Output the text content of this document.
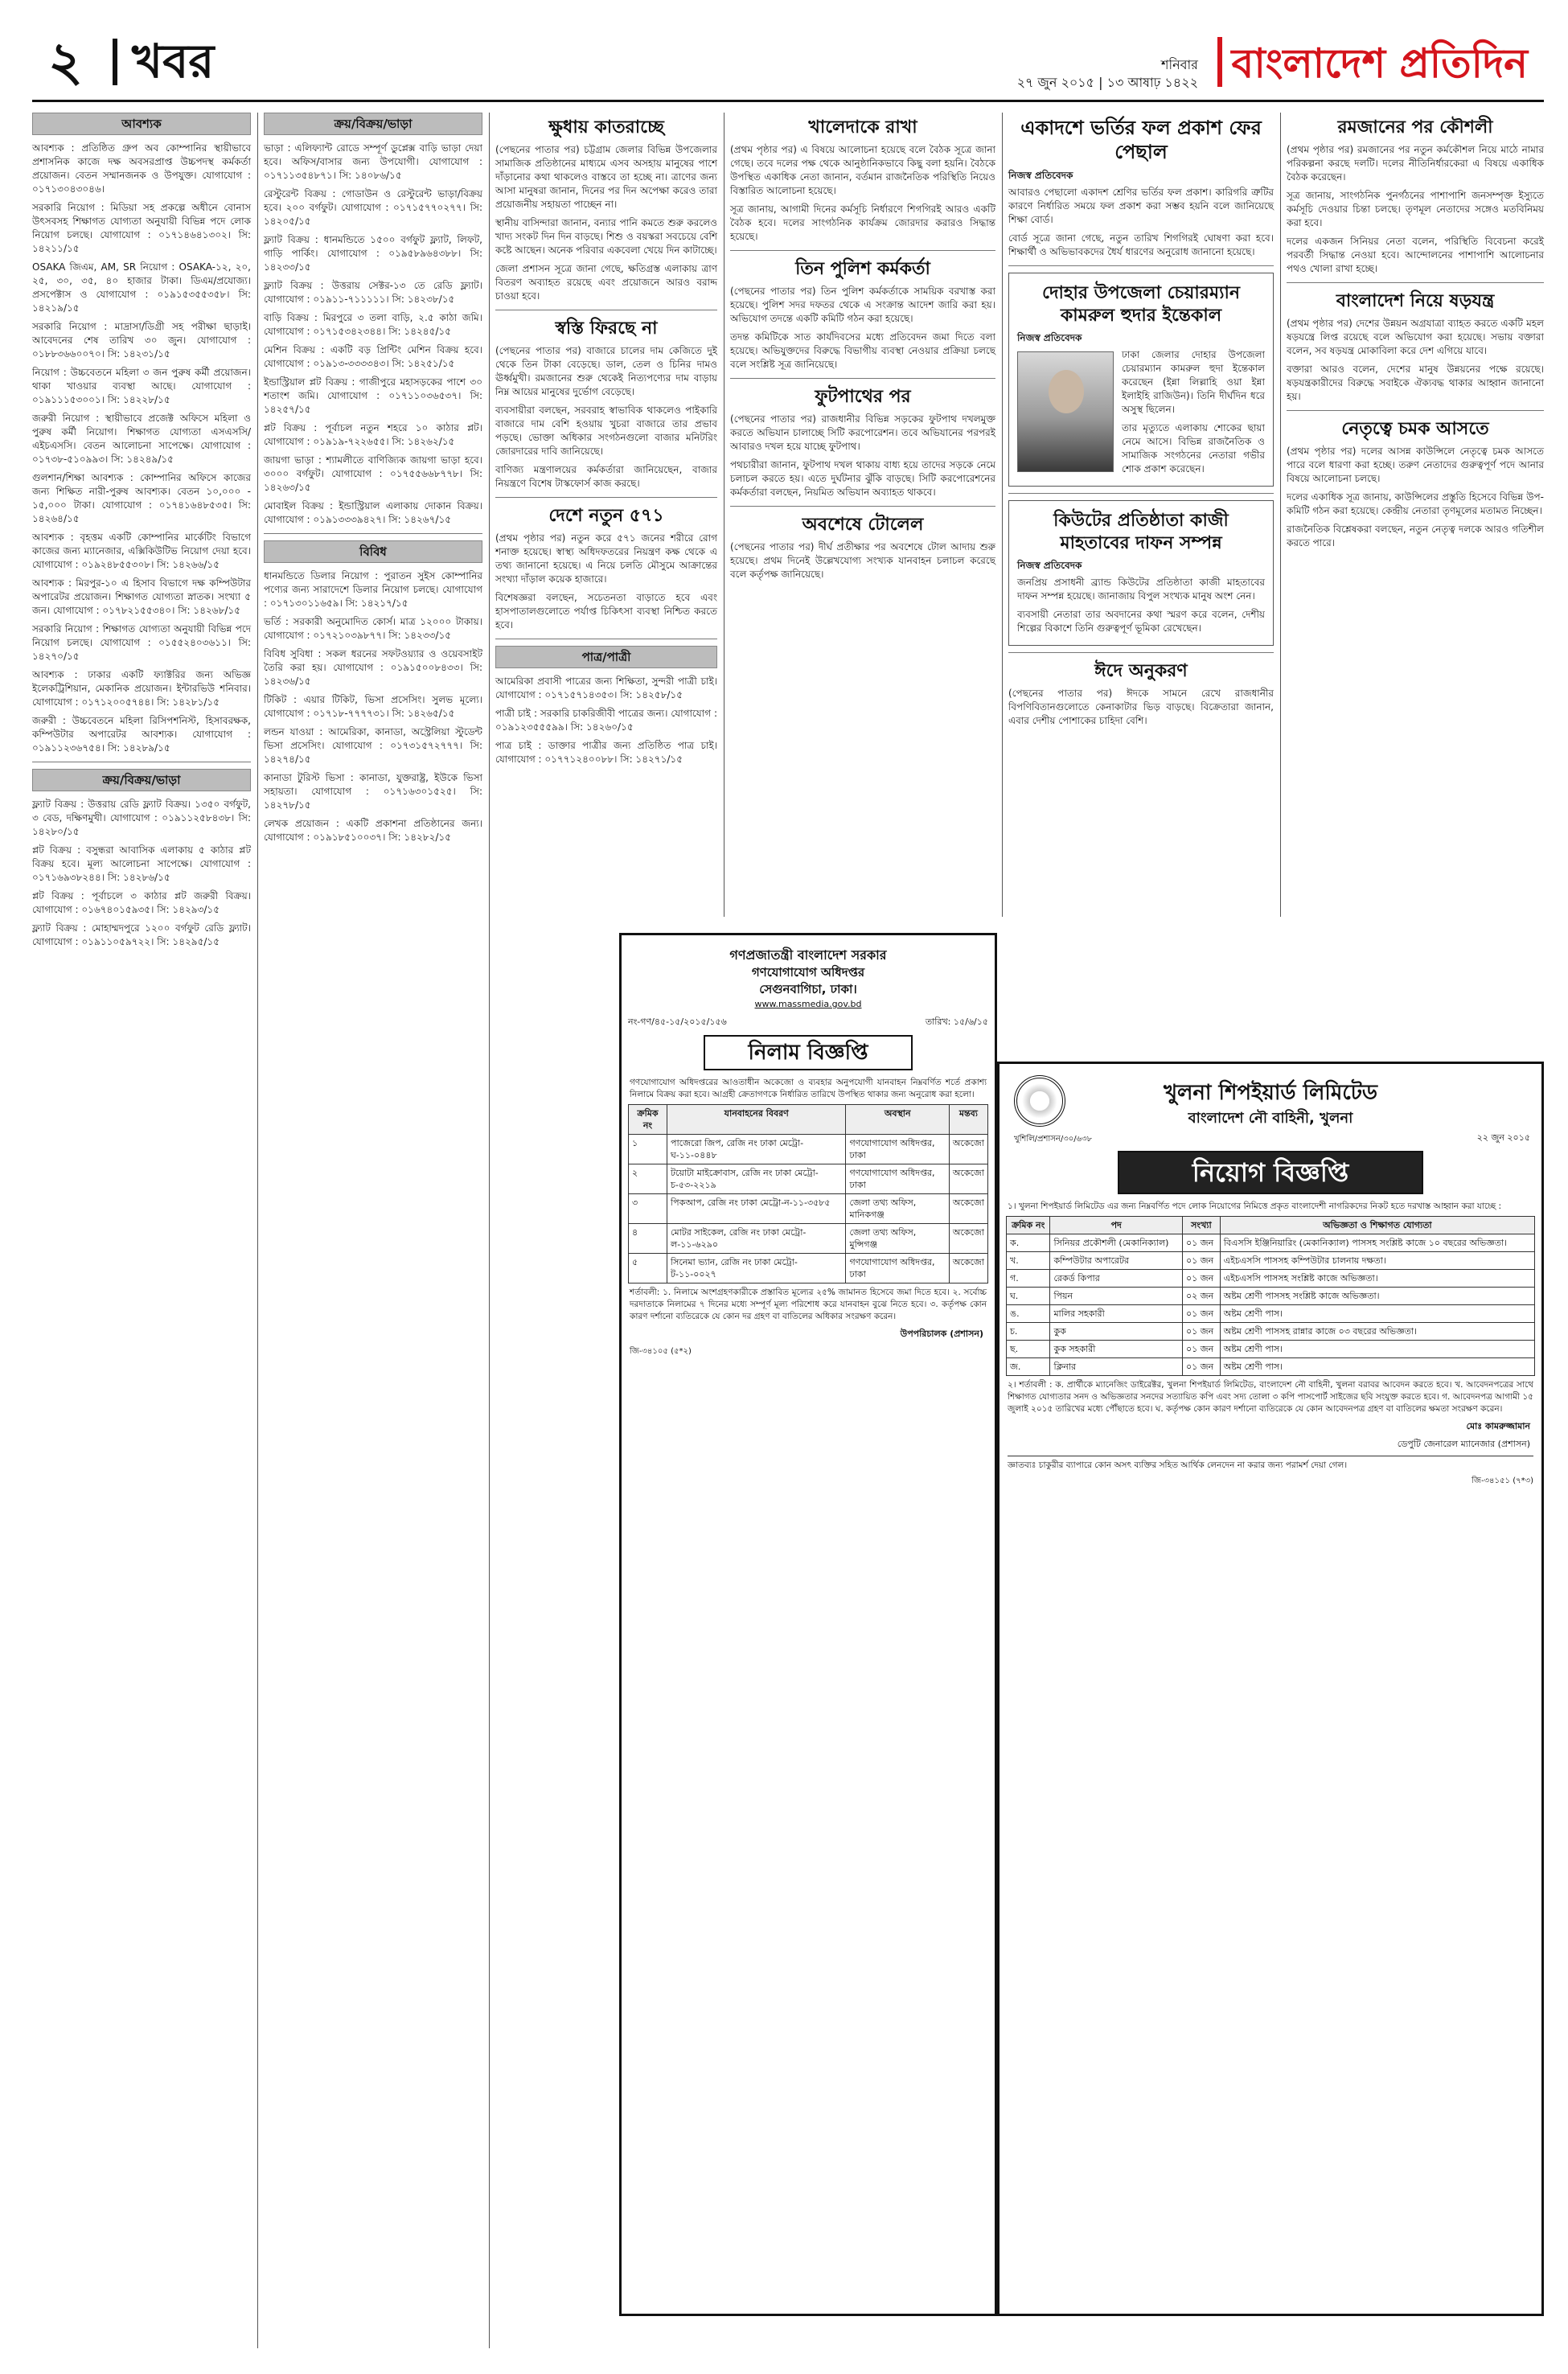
২ খবর	শনিবার
২৭ জুন ২০১৫ | ১৩ আষাঢ় ১৪২২ বাংলাদেশ প্রতিদিন
আবশ্যক

আবশ্যক : প্রতিষ্ঠিত গ্রুপ অব কোম্পানির স্থায়ীভাবে প্রশাসনিক কাজে দক্ষ অবসরপ্রাপ্ত উচ্চপদস্থ কর্মকর্তা প্রয়োজন। বেতন সম্মানজনক ও উপযুক্ত। যোগাযোগ : ০১৭১৩০৪৩০৪৬।

সরকারি নিয়োগ : মিডিয়া সহ প্রকল্পে অধীনে বোনাস উৎসবসহ শিক্ষাগত যোগ্যতা অনুযায়ী বিভিন্ন পদে লোক নিয়োগ চলছে। যোগাযোগ : ০১৭১৪৬৪১৩০২। সি: ১৪২১১/১৫

OSAKA জিএম, AM, SR নিয়োগ : OSAKA-১২, ২০, ২৫, ৩০, ৩৫, ৪০ হাজার টাকা। ডিএম/প্রযোজ্য। প্রসপেক্টাস ও যোগাযোগ : ০১৯১৫৩৫৫৩৫৮। সি: ১৪২১৯/১৫

সরকারি নিয়োগ : মাদ্রাসা/ডিগ্রী সহ পরীক্ষা ছাড়াই। আবেদনের শেষ তারিখ ৩০ জুন। যোগাযোগ : ০১৮৮৩৬৬০০৭০। সি: ১৪২৩১/১৫

নিয়োগ : উচ্চবেতনে মহিলা ৩ জন পুরুষ কর্মী প্রয়োজন। থাকা খাওয়ার ব্যবস্থা আছে। যোগাযোগ : ০১৯১১১৫৩০০১। সি: ১৪২২৮/১৫

জরুরী নিয়োগ : স্থায়ীভাবে প্রজেক্ট অফিসে মহিলা ও পুরুষ কর্মী নিয়োগ। শিক্ষাগত যোগ্যতা এসএসসি/এইচএসসি। বেতন আলোচনা সাপেক্ষে। যোগাযোগ : ০১৭৩৮-৫১০৯৯৩। সি: ১৪২৪৯/১৫

গুলশান/শিক্ষা আবশ্যক : কোম্পানির অফিসে কাজের জন্য শিক্ষিত নারী-পুরুষ আবশ্যক। বেতন ১০,০০০ - ১৫,০০০ টাকা। যোগাযোগ : ০১৭৪১৬৪৮৫৩৫। সি: ১৪২৬৪/১৫

আবশ্যক : বৃহত্তম একটি কোম্পানির মার্কেটিং বিভাগে কাজের জন্য ম্যানেজার, এক্সিকিউটিভ নিয়োগ দেয়া হবে। যোগাযোগ : ০১৯২৪৮৫৫৩০৮। সি: ১৪২৬৬/১৫

আবশ্যক : মিরপুর-১০ এ হিসাব বিভাগে দক্ষ কম্পিউটার অপারেটর প্রয়োজন। শিক্ষাগত যোগ্যতা স্নাতক। সংখ্যা ৫ জন। যোগাযোগ : ০১৭৮২১৫৫৩৪০। সি: ১৪২৬৮/১৫

সরকারি নিয়োগ : শিক্ষাগত যোগ্যতা অনুযায়ী বিভিন্ন পদে নিয়োগ চলছে। যোগাযোগ : ০১৫৫২৪০৩৬১১। সি: ১৪২৭০/১৫

আবশ্যক : ঢাকার একটি ফ্যাক্টরির জন্য অভিজ্ঞ ইলেকট্রিশিয়ান, মেকানিক প্রয়োজন। ইন্টারভিউ শনিবার। যোগাযোগ : ০১৭১২০০৫৭৪৪। সি: ১৪২৮১/১৫

জরুরী : উচ্চবেতনে মহিলা রিসিপশনিস্ট, হিসাবরক্ষক, কম্পিউটার অপারেটর আবশ্যক। যোগাযোগ : ০১৯১১২৩৬৭৫৪। সি: ১৪২৮৯/১৫

ক্রয়/বিক্রয়/ভাড়া

ফ্ল্যাট বিক্রয় : উত্তরায় রেডি ফ্ল্যাট বিক্রয়। ১৩৫০ বর্গফুট, ৩ বেড, দক্ষিণমুখী। যোগাযোগ : ০১৯১১২৫৮৪৩৮। সি: ১৪২৮০/১৫

প্লট বিক্রয় : বসুন্ধরা আবাসিক এলাকায় ৫ কাঠার প্লট বিক্রয় হবে। মূল্য আলোচনা সাপেক্ষে। যোগাযোগ : ০১৭১৬৯৩৮২৪৪। সি: ১৪২৮৬/১৫

প্লট বিক্রয় : পূর্বাচলে ৩ কাঠার প্লট জরুরী বিক্রয়। যোগাযোগ : ০১৬৭৪০১৫৯৩৫। সি: ১৪২৯৩/১৫

ফ্ল্যাট বিক্রয় : মোহাম্মদপুরে ১২০০ বর্গফুট রেডি ফ্ল্যাট। যোগাযোগ : ০১৯১১০৫৯৭২২। সি: ১৪২৯৫/১৫

ক্রয়/বিক্রয়/ভাড়া

ভাড়া : এলিফ্যান্ট রোডে সম্পূর্ণ ডুপ্লেক্স বাড়ি ভাড়া দেয়া হবে। অফিস/বাসার জন্য উপযোগী। যোগাযোগ : ০১৭১১৩৫৪৮৭১। সি: ১৪০৮৬/১৫

রেস্টুরেন্ট বিক্রয় : গোডাউন ও রেস্টুরেন্ট ভাড়া/বিক্রয় হবে। ২০০ বর্গফুট। যোগাযোগ : ০১৭১৫৭৭০২৭৭। সি: ১৪২০৫/১৫

ফ্ল্যাট বিক্রয় : ধানমন্ডিতে ১৫০০ বর্গফুট ফ্ল্যাট, লিফট, গাড়ি পার্কিং। যোগাযোগ : ০১৯৫৮৯৬৪৩৮৮। সি: ১৪২৩৩/১৫

ফ্ল্যাট বিক্রয় : উত্তরায় সেক্টর-১৩ তে রেডি ফ্ল্যাট। যোগাযোগ : ০১৯১১-৭১১১১১। সি: ১৪২৩৮/১৫

বাড়ি বিক্রয় : মিরপুরে ৩ তলা বাড়ি, ২.৫ কাঠা জমি। যোগাযোগ : ০১৭১৫৩৪২৩৪৪। সি: ১৪২৪৫/১৫

মেশিন বিক্রয় : একটি বড় প্রিন্টিং মেশিন বিক্রয় হবে। যোগাযোগ : ০১৯১৩-৩৩৩৩৪৩। সি: ১৪২৫১/১৫

ইন্ডাস্ট্রিয়াল প্লট বিক্রয় : গাজীপুরে মহাসড়কের পাশে ৩০ শতাংশ জমি। যোগাযোগ : ০১৭১১০৩৬৫৩৭। সি: ১৪২৫৭/১৫

প্লট বিক্রয় : পূর্বাচল নতুন শহরে ১০ কাঠার প্লট। যোগাযোগ : ০১৯১৯-৭২২৬৫৫। সি: ১৪২৬২/১৫

জায়গা ভাড়া : শ্যামলীতে বাণিজ্যিক জায়গা ভাড়া হবে। ৩০০০ বর্গফুট। যোগাযোগ : ০১৭৫৫৬৬৮৭৭৮। সি: ১৪২৬৩/১৫

মোবাইল বিক্রয় : ইন্ডাস্ট্রিয়াল এলাকায় দোকান বিক্রয়। যোগাযোগ : ০১৯১৩৩৩৯৪২৭। সি: ১৪২৬৭/১৫

বিবিধ

ধানমন্ডিতে ডিলার নিয়োগ : পুরাতন সুইস কোম্পানির পণ্যের জন্য সারাদেশে ডিলার নিয়োগ চলছে। যোগাযোগ : ০১৭১৩০১১৬৫৯। সি: ১৪২১৭/১৫

ভর্তি : সরকারী অনুমোদিত কোর্স। মাত্র ১২০০০ টাকায়। যোগাযোগ : ০১৭২১০৩৯৮৭৭। সি: ১৪২৩৩/১৫

বিবিধ সুবিধা : সকল ধরনের সফটওয়্যার ও ওয়েবসাইট তৈরি করা হয়। যোগাযোগ : ০১৯১৫০০৮৪৩৩। সি: ১৪২৩৬/১৫

টিকিট : এয়ার টিকিট, ভিসা প্রসেসিং। সুলভ মূল্যে। যোগাযোগ : ০১৭১৮-৭৭৭৭৩১। সি: ১৪২৬৫/১৫

লন্ডন যাওয়া : আমেরিকা, কানাডা, অস্ট্রেলিয়া স্টুডেন্ট ভিসা প্রসেসিং। যোগাযোগ : ০১৭৩১৫৭২৭৭৭। সি: ১৪২৭৪/১৫

কানাডা টুরিস্ট ভিসা : কানাডা, যুক্তরাষ্ট্র, ইউকে ভিসা সহায়তা। যোগাযোগ : ০১৭১৬৩০১৫২৫। সি: ১৪২৭৮/১৫

লেখক প্রয়োজন : একটি প্রকাশনা প্রতিষ্ঠানের জন্য। যোগাযোগ : ০১৯১৮৫১০০৩৭। সি: ১৪২৮২/১৫

ক্ষুধায় কাতরাচ্ছে

(পেছনের পাতার পর) চট্টগ্রাম জেলার বিভিন্ন উপজেলার সামাজিক প্রতিষ্ঠানের মাধ্যমে এসব অসহায় মানুষের পাশে দাঁড়ানোর কথা থাকলেও বাস্তবে তা হচ্ছে না। ত্রাণের জন্য আসা মানুষরা জানান, দিনের পর দিন অপেক্ষা করেও তারা প্রয়োজনীয় সহায়তা পাচ্ছেন না।

স্থানীয় বাসিন্দারা জানান, বন্যার পানি কমতে শুরু করলেও খাদ্য সংকট দিন দিন বাড়ছে। শিশু ও বয়স্করা সবচেয়ে বেশি কষ্টে আছেন। অনেক পরিবার একবেলা খেয়ে দিন কাটাচ্ছে।

জেলা প্রশাসন সূত্রে জানা গেছে, ক্ষতিগ্রস্ত এলাকায় ত্রাণ বিতরণ অব্যাহত রয়েছে এবং প্রয়োজনে আরও বরাদ্দ চাওয়া হবে।

স্বস্তি ফিরছে না

(পেছনের পাতার পর) বাজারে চালের দাম কেজিতে দুই থেকে তিন টাকা বেড়েছে। ডাল, তেল ও চিনির দামও ঊর্ধ্বমুখী। রমজানের শুরু থেকেই নিত্যপণ্যের দাম বাড়ায় নিম্ন আয়ের মানুষের দুর্ভোগ বেড়েছে।

ব্যবসায়ীরা বলছেন, সরবরাহ স্বাভাবিক থাকলেও পাইকারি বাজারে দাম বেশি হওয়ায় খুচরা বাজারে তার প্রভাব পড়ছে। ভোক্তা অধিকার সংগঠনগুলো বাজার মনিটরিং জোরদারের দাবি জানিয়েছে।

বাণিজ্য মন্ত্রণালয়ের কর্মকর্তারা জানিয়েছেন, বাজার নিয়ন্ত্রণে বিশেষ টাস্কফোর্স কাজ করছে।

দেশে নতুন ৫৭১

(প্রথম পৃষ্ঠার পর) নতুন করে ৫৭১ জনের শরীরে রোগ শনাক্ত হয়েছে। স্বাস্থ্য অধিদফতরের নিয়ন্ত্রণ কক্ষ থেকে এ তথ্য জানানো হয়েছে। এ নিয়ে চলতি মৌসুমে আক্রান্তের সংখ্যা দাঁড়াল কয়েক হাজারে।

বিশেষজ্ঞরা বলছেন, সচেতনতা বাড়াতে হবে এবং হাসপাতালগুলোতে পর্যাপ্ত চিকিৎসা ব্যবস্থা নিশ্চিত করতে হবে।

পাত্র/পাত্রী

আমেরিকা প্রবাসী পাত্রের জন্য শিক্ষিতা, সুন্দরী পাত্রী চাই। যোগাযোগ : ০১৭১৫৭১৪৩৫৩। সি: ১৪২৫৮/১৫

পাত্রী চাই : সরকারি চাকরিজীবী পাত্রের জন্য। যোগাযোগ : ০১৯১২৩৫৫৫৯৯। সি: ১৪২৬০/১৫

পাত্র চাই : ডাক্তার পাত্রীর জন্য প্রতিষ্ঠিত পাত্র চাই। যোগাযোগ : ০১৭৭১২৪০০৮৮। সি: ১৪২৭১/১৫

খালেদাকে রাখা

(প্রথম পৃষ্ঠার পর) এ বিষয়ে আলোচনা হয়েছে বলে বৈঠক সূত্রে জানা গেছে। তবে দলের পক্ষ থেকে আনুষ্ঠানিকভাবে কিছু বলা হয়নি। বৈঠকে উপস্থিত একাধিক নেতা জানান, বর্তমান রাজনৈতিক পরিস্থিতি নিয়েও বিস্তারিত আলোচনা হয়েছে।

সূত্র জানায়, আগামী দিনের কর্মসূচি নির্ধারণে শিগগিরই আরও একটি বৈঠক হবে। দলের সাংগঠনিক কার্যক্রম জোরদার করারও সিদ্ধান্ত হয়েছে।

তিন পুলিশ কর্মকর্তা

(পেছনের পাতার পর) তিন পুলিশ কর্মকর্তাকে সাময়িক বরখাস্ত করা হয়েছে। পুলিশ সদর দফতর থেকে এ সংক্রান্ত আদেশ জারি করা হয়। অভিযোগ তদন্তে একটি কমিটি গঠন করা হয়েছে।

তদন্ত কমিটিকে সাত কার্যদিবসের মধ্যে প্রতিবেদন জমা দিতে বলা হয়েছে। অভিযুক্তদের বিরুদ্ধে বিভাগীয় ব্যবস্থা নেওয়ার প্রক্রিয়া চলছে বলে সংশ্লিষ্ট সূত্র জানিয়েছে।

ফুটপাথের পর

(পেছনের পাতার পর) রাজধানীর বিভিন্ন সড়কের ফুটপাথ দখলমুক্ত করতে অভিযান চালাচ্ছে সিটি করপোরেশন। তবে অভিযানের পরপরই আবারও দখল হয়ে যাচ্ছে ফুটপাথ।

পথচারীরা জানান, ফুটপাথ দখল থাকায় বাধ্য হয়ে তাদের সড়কে নেমে চলাচল করতে হয়। এতে দুর্ঘটনার ঝুঁকি বাড়ছে। সিটি করপোরেশনের কর্মকর্তারা বলছেন, নিয়মিত অভিযান অব্যাহত থাকবে।

অবশেষে টোলেল

(পেছনের পাতার পর) দীর্ঘ প্রতীক্ষার পর অবশেষে টোল আদায় শুরু হয়েছে। প্রথম দিনেই উল্লেখযোগ্য সংখ্যক যানবাহন চলাচল করেছে বলে কর্তৃপক্ষ জানিয়েছে।

একাদশে ভর্তির ফল প্রকাশ ফের পেছাল
নিজস্ব প্রতিবেদক

আবারও পেছালো একাদশ শ্রেণির ভর্তির ফল প্রকাশ। কারিগরি ত্রুটির কারণে নির্ধারিত সময়ে ফল প্রকাশ করা সম্ভব হয়নি বলে জানিয়েছে শিক্ষা বোর্ড।

বোর্ড সূত্রে জানা গেছে, নতুন তারিখ শিগগিরই ঘোষণা করা হবে। শিক্ষার্থী ও অভিভাবকদের ধৈর্য ধারণের অনুরোধ জানানো হয়েছে।

দোহার উপজেলা চেয়ারম্যান কামরুল হুদার ইন্তেকাল
নিজস্ব প্রতিবেদক

ঢাকা জেলার দোহার উপজেলা চেয়ারম্যান কামরুল হুদা ইন্তেকাল করেছেন (ইন্না লিল্লাহি ওয়া ইন্না ইলাইহি রাজিউন)। তিনি দীর্ঘদিন ধরে অসুস্থ ছিলেন।

তার মৃত্যুতে এলাকায় শোকের ছায়া নেমে আসে। বিভিন্ন রাজনৈতিক ও সামাজিক সংগঠনের নেতারা গভীর শোক প্রকাশ করেছেন।

কিউটের প্রতিষ্ঠাতা কাজী মাহতাবের দাফন সম্পন্ন
নিজস্ব প্রতিবেদক

জনপ্রিয় প্রসাধনী ব্র্যান্ড কিউটের প্রতিষ্ঠাতা কাজী মাহতাবের দাফন সম্পন্ন হয়েছে। জানাজায় বিপুল সংখ্যক মানুষ অংশ নেন।

ব্যবসায়ী নেতারা তার অবদানের কথা স্মরণ করে বলেন, দেশীয় শিল্পের বিকাশে তিনি গুরুত্বপূর্ণ ভূমিকা রেখেছেন।

ঈদে অনুকরণ

(পেছনের পাতার পর) ঈদকে সামনে রেখে রাজধানীর বিপণিবিতানগুলোতে কেনাকাটার ভিড় বাড়ছে। বিক্রেতারা জানান, এবার দেশীয় পোশাকের চাহিদা বেশি।

রমজানের পর কৌশলী

(প্রথম পৃষ্ঠার পর) রমজানের পর নতুন কর্মকৌশল নিয়ে মাঠে নামার পরিকল্পনা করছে দলটি। দলের নীতিনির্ধারকেরা এ বিষয়ে একাধিক বৈঠক করেছেন।

সূত্র জানায়, সাংগঠনিক পুনর্গঠনের পাশাপাশি জনসম্পৃক্ত ইস্যুতে কর্মসূচি দেওয়ার চিন্তা চলছে। তৃণমূল নেতাদের সঙ্গেও মতবিনিময় করা হবে।

দলের একজন সিনিয়র নেতা বলেন, পরিস্থিতি বিবেচনা করেই পরবর্তী সিদ্ধান্ত নেওয়া হবে। আন্দোলনের পাশাপাশি আলোচনার পথও খোলা রাখা হচ্ছে।

বাংলাদেশ নিয়ে ষড়যন্ত্র

(প্রথম পৃষ্ঠার পর) দেশের উন্নয়ন অগ্রযাত্রা ব্যাহত করতে একটি মহল ষড়যন্ত্রে লিপ্ত রয়েছে বলে অভিযোগ করা হয়েছে। সভায় বক্তারা বলেন, সব ষড়যন্ত্র মোকাবিলা করে দেশ এগিয়ে যাবে।

বক্তারা আরও বলেন, দেশের মানুষ উন্নয়নের পক্ষে রয়েছে। ষড়যন্ত্রকারীদের বিরুদ্ধে সবাইকে ঐক্যবদ্ধ থাকার আহ্বান জানানো হয়।

নেতৃত্বে চমক আসতে

(প্রথম পৃষ্ঠার পর) দলের আসন্ন কাউন্সিলে নেতৃত্বে চমক আসতে পারে বলে ধারণা করা হচ্ছে। তরুণ নেতাদের গুরুত্বপূর্ণ পদে আনার বিষয়ে আলোচনা চলছে।

দলের একাধিক সূত্র জানায়, কাউন্সিলের প্রস্তুতি হিসেবে বিভিন্ন উপ-কমিটি গঠন করা হয়েছে। কেন্দ্রীয় নেতারা তৃণমূলের মতামত নিচ্ছেন।

রাজনৈতিক বিশ্লেষকরা বলছেন, নতুন নেতৃত্ব দলকে আরও গতিশীল করতে পারে।

গণপ্রজাতন্ত্রী বাংলাদেশ সরকার
গণযোগাযোগ অধিদপ্তর
সেগুনবাগিচা, ঢাকা।
www.massmedia.gov.bd
নং-গণ/৪৫-১৫/২০১৫/১৫৬	তারিখ: ১৫/৬/১৫
নিলাম বিজ্ঞপ্তি
গণযোগাযোগ অধিদপ্তরের আওতাধীন অকেজো ও ব্যবহার অনুপযোগী যানবাহন নিম্নবর্ণিত শর্তে প্রকাশ্য নিলামে বিক্রয় করা হবে। আগ্রহী ক্রেতাগণকে নির্ধারিত তারিখে উপস্থিত থাকার জন্য অনুরোধ করা হলো।
ক্রমিক নং	যানবাহনের বিবরণ	অবস্থান	মন্তব্য
১	পাজেরো জিপ, রেজি নং ঢাকা মেট্রো-ঘ-১১-০৪৪৮	গণযোগাযোগ অধিদপ্তর, ঢাকা	অকেজো
২	টয়োটা মাইক্রোবাস, রেজি নং ঢাকা মেট্রো-চ-৫৩-২২১৯	গণযোগাযোগ অধিদপ্তর, ঢাকা	অকেজো
৩	পিকআপ, রেজি নং ঢাকা মেট্রো-ন-১১-৩৫৮৫	জেলা তথ্য অফিস, মানিকগঞ্জ	অকেজো
৪	মোটর সাইকেল, রেজি নং ঢাকা মেট্রো-ল-১১-৬২৯০	জেলা তথ্য অফিস, মুন্সিগঞ্জ	অকেজো
৫	সিনেমা ভ্যান, রেজি নং ঢাকা মেট্রো-ট-১১-০০২৭	গণযোগাযোগ অধিদপ্তর, ঢাকা	অকেজো
শর্তাবলী: ১. নিলামে অংশগ্রহণকারীকে প্রস্তাবিত মূল্যের ২৫% জামানত হিসেবে জমা দিতে হবে। ২. সর্বোচ্চ দরদাতাকে নিলামের ৭ দিনের মধ্যে সম্পূর্ণ মূল্য পরিশোধ করে যানবাহন বুঝে নিতে হবে। ৩. কর্তৃপক্ষ কোন কারণ দর্শানো ব্যতিরেকে যে কোন দর গ্রহণ বা বাতিলের অধিকার সংরক্ষণ করেন।
উপপরিচালক (প্রশাসন)
জি-৩৪১০৫ (৫*২)
খুশিলি/প্রশাসন/৩০/৬৩৮
খুলনা শিপইয়ার্ড লিমিটেড
বাংলাদেশ নৌ বাহিনী, খুলনা
২২ জুন ২০১৫
নিয়োগ বিজ্ঞপ্তি
১। খুলনা শিপইয়ার্ড লিমিটেড এর জন্য নিম্নবর্ণিত পদে লোক নিয়োগের নিমিত্তে প্রকৃত বাংলাদেশী নাগরিকদের নিকট হতে দরখাস্ত আহ্বান করা যাচ্ছে :
ক্রমিক নং	পদ	সংখ্যা	অভিজ্ঞতা ও শিক্ষাগত যোগ্যতা
ক.	সিনিয়র প্রকৌশলী (মেকানিক্যাল)	০১ জন	বিএসসি ইঞ্জিনিয়ারিং (মেকানিক্যাল) পাসসহ সংশ্লিষ্ট কাজে ১০ বছরের অভিজ্ঞতা।
খ.	কম্পিউটার অপারেটর	০১ জন	এইচএসসি পাসসহ কম্পিউটার চালনায় দক্ষতা।
গ.	রেকর্ড কিপার	০১ জন	এইচএসসি পাসসহ সংশ্লিষ্ট কাজে অভিজ্ঞতা।
ঘ.	পিয়ন	০২ জন	অষ্টম শ্রেণী পাসসহ সংশ্লিষ্ট কাজে অভিজ্ঞতা।
ঙ.	মালির সহকারী	০১ জন	অষ্টম শ্রেণী পাস।
চ.	কুক	০১ জন	অষ্টম শ্রেণী পাসসহ রান্নার কাজে ০৩ বছরের অভিজ্ঞতা।
ছ.	কুক সহকারী	০১ জন	অষ্টম শ্রেণী পাস।
জ.	ক্লিনার	০১ জন	অষ্টম শ্রেণী পাস।
২। শর্তাবলী : ক. প্রার্থীকে ম্যানেজিং ডাইরেক্টর, খুলনা শিপইয়ার্ড লিমিটেড, বাংলাদেশ নৌ বাহিনী, খুলনা বরাবর আবেদন করতে হবে। খ. আবেদনপত্রের সাথে শিক্ষাগত যোগ্যতার সনদ ও অভিজ্ঞতার সনদের সত্যায়িত কপি এবং সদ্য তোলা ৩ কপি পাসপোর্ট সাইজের ছবি সংযুক্ত করতে হবে। গ. আবেদনপত্র আগামী ১৫ জুলাই ২০১৫ তারিখের মধ্যে পৌঁছাতে হবে। ঘ. কর্তৃপক্ষ কোন কারণ দর্শানো ব্যতিরেকে যে কোন আবেদনপত্র গ্রহণ বা বাতিলের ক্ষমতা সংরক্ষণ করেন।
মোঃ কামরুজ্জামান
ডেপুটি জেনারেল ম্যানেজার (প্রশাসন)
জ্ঞাতব্যঃ চাকুরীর ব্যাপারে কোন অসৎ ব্যক্তির সহিত আর্থিক লেনদেন না করার জন্য পরামর্শ দেয়া গেল।
জি-৩৪১৫১ (৭*৩)
